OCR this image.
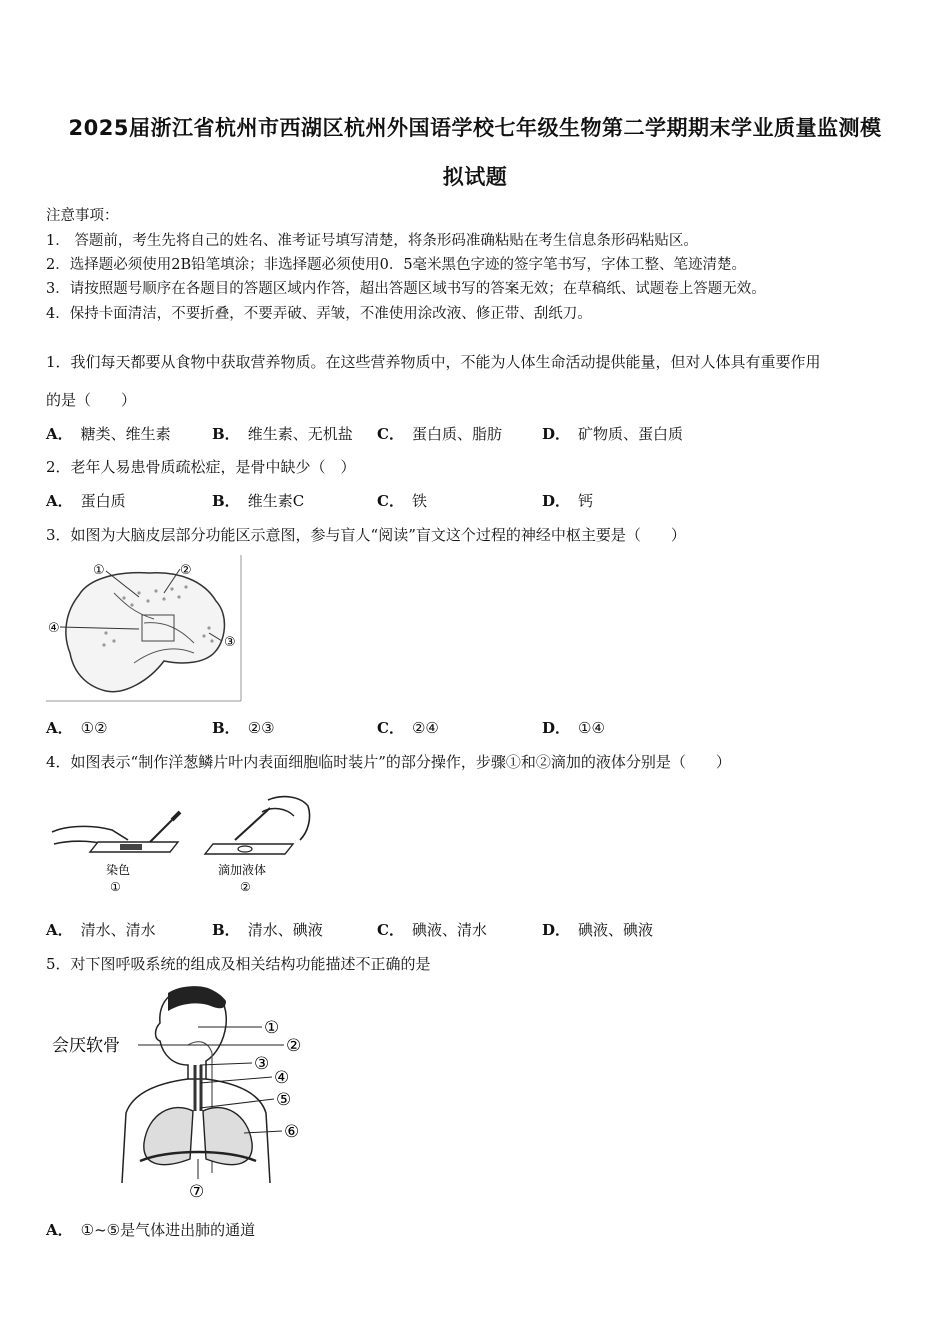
2025届浙江省杭州市西湖区杭州外国语学校七年级生物第二学期期末学业质量监测模
拟试题
注意事项：
1． 答题前，考生先将自己的姓名、准考证号填写清楚，将条形码准确粘贴在考生信息条形码粘贴区。
2．选择题必须使用2B铅笔填涂；非选择题必须使用0．5毫米黑色字迹的签字笔书写，字体工整、笔迹清楚。
3．请按照题号顺序在各题目的答题区域内作答，超出答题区域书写的答案无效；在草稿纸、试题卷上答题无效。
4．保持卡面清洁，不要折叠，不要弄破、弄皱，不准使用涂改液、修正带、刮纸刀。
1．我们每天都要从食物中获取营养物质。在这些营养物质中，不能为人体生命活动提供能量，但对人体具有重要作用
的是（　　）
A． 糖类、维生素	B． 维生素、无机盐 C． 蛋白质、脂肪	D． 矿物质、蛋白质
2．老年人易患骨质疏松症，是骨中缺少（　）
A． 蛋白质	B． 维生素C	C． 铁	D． 钙
3．如图为大脑皮层部分功能区示意图，参与盲人“阅读”盲文这个过程的神经中枢主要是（　　）
①	②
③
④
A． ①②	B． ②③	C． ②④	D． ①④
4．如图表示“制作洋葱鳞片叶内表面细胞临时装片”的部分操作，步骤①和②滴加的液体分别是（　　）
染色
①
滴加液体
②
A． 清水、清水	B． 清水、碘液	C． 碘液、清水	D． 碘液、碘液
5．对下图呼吸系统的组成及相关结构功能描述不正确的是
会厌软骨
①
②
③
④
⑤
⑥
⑦
A． ①~⑤是气体进出肺的通道
